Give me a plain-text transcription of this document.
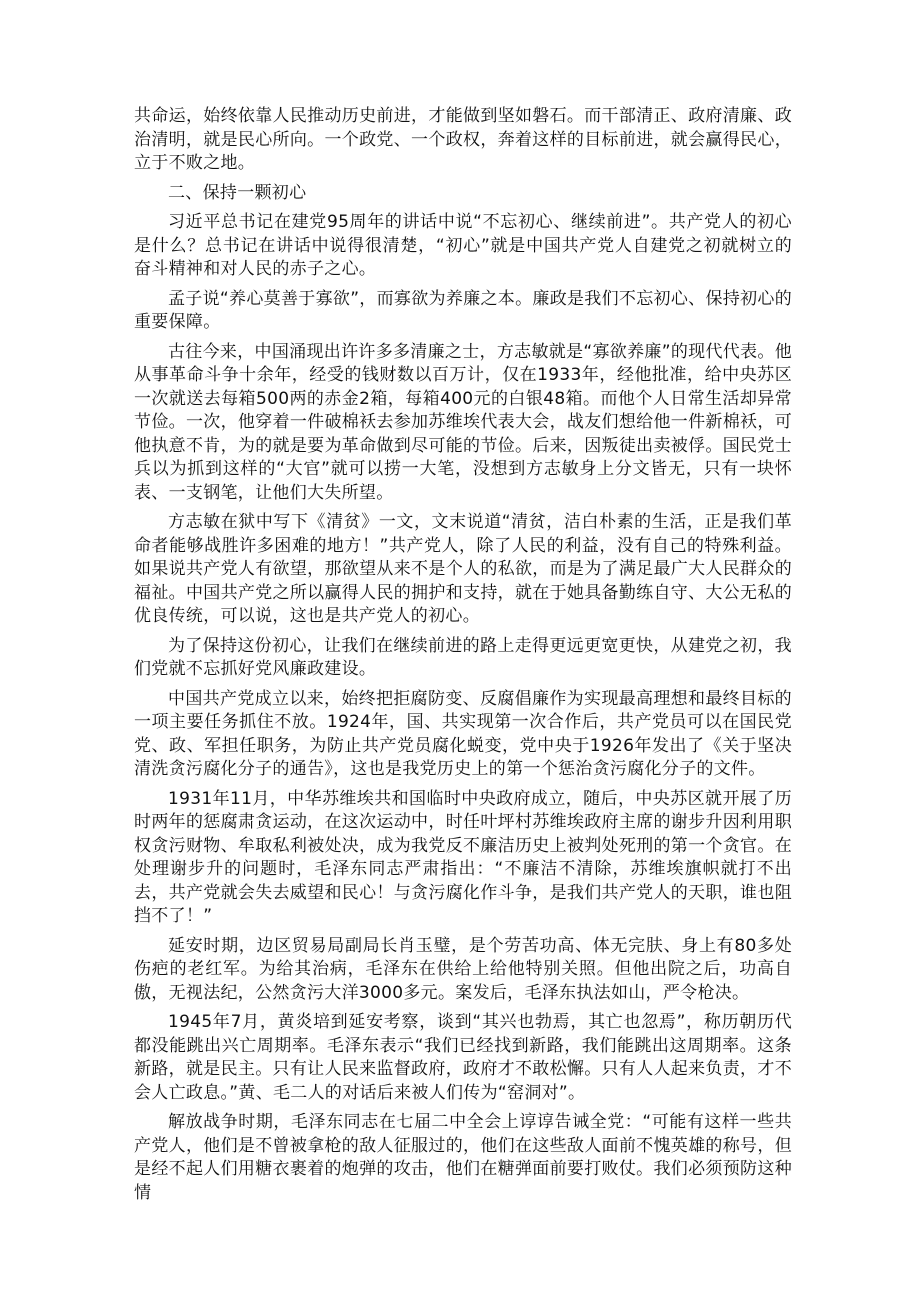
共命运，始终依靠人民推动历史前进，才能做到坚如磐石。而干部清正、政府清廉、政治清明，就是民心所向。一个政党、一个政权，奔着这样的目标前进，就会赢得民心，立于不败之地。

二、保持一颗初心

习近平总书记在建党95周年的讲话中说“不忘初心、继续前进”。共产党人的初心是什么？总书记在讲话中说得很清楚，“初心”就是中国共产党人自建党之初就树立的奋斗精神和对人民的赤子之心。

孟子说“养心莫善于寡欲”，而寡欲为养廉之本。廉政是我们不忘初心、保持初心的重要保障。

古往今来，中国涌现出许许多多清廉之士，方志敏就是“寡欲养廉”的现代代表。他从事革命斗争十余年，经受的钱财数以百万计，仅在1933年，经他批准，给中央苏区一次就送去每箱500两的赤金2箱，每箱400元的白银48箱。而他个人日常生活却异常节俭。一次，他穿着一件破棉袄去参加苏维埃代表大会，战友们想给他一件新棉袄，可他执意不肯，为的就是要为革命做到尽可能的节俭。后来，因叛徒出卖被俘。国民党士兵以为抓到这样的“大官”就可以捞一大笔，没想到方志敏身上分文皆无，只有一块怀表、一支钢笔，让他们大失所望。

方志敏在狱中写下《清贫》一文，文末说道“清贫，洁白朴素的生活，正是我们革命者能够战胜许多困难的地方！”共产党人，除了人民的利益，没有自己的特殊利益。如果说共产党人有欲望，那欲望从来不是个人的私欲，而是为了满足最广大人民群众的福祉。中国共产党之所以赢得人民的拥护和支持，就在于她具备勤练自守、大公无私的优良传统，可以说，这也是共产党人的初心。

为了保持这份初心，让我们在继续前进的路上走得更远更宽更快，从建党之初，我们党就不忘抓好党风廉政建设。

中国共产党成立以来，始终把拒腐防变、反腐倡廉作为实现最高理想和最终目标的一项主要任务抓住不放。1924年，国、共实现第一次合作后，共产党员可以在国民党党、政、军担任职务，为防止共产党员腐化蜕变，党中央于1926年发出了《关于坚决清洗贪污腐化分子的通告》，这也是我党历史上的第一个惩治贪污腐化分子的文件。

1931年11月，中华苏维埃共和国临时中央政府成立，随后，中央苏区就开展了历时两年的惩腐肃贪运动，在这次运动中，时任叶坪村苏维埃政府主席的谢步升因利用职权贪污财物、牟取私利被处决，成为我党反不廉洁历史上被判处死刑的第一个贪官。在处理谢步升的问题时，毛泽东同志严肃指出：“不廉洁不清除，苏维埃旗帜就打不出去，共产党就会失去威望和民心！与贪污腐化作斗争，是我们共产党人的天职，谁也阻挡不了！”

延安时期，边区贸易局副局长肖玉璧，是个劳苦功高、体无完肤、身上有80多处伤疤的老红军。为给其治病，毛泽东在供给上给他特别关照。但他出院之后，功高自傲，无视法纪，公然贪污大洋3000多元。案发后，毛泽东执法如山，严令枪决。

1945年7月，黄炎培到延安考察，谈到“其兴也勃焉，其亡也忽焉”，称历朝历代都没能跳出兴亡周期率。毛泽东表示“我们已经找到新路，我们能跳出这周期率。这条新路，就是民主。只有让人民来监督政府，政府才不敢松懈。只有人人起来负责，才不会人亡政息。”黄、毛二人的对话后来被人们传为“窑洞对”。

解放战争时期，毛泽东同志在七届二中全会上谆谆告诫全党：“可能有这样一些共产党人，他们是不曾被拿枪的敌人征服过的，他们在这些敌人面前不愧英雄的称号，但是经不起人们用糖衣裹着的炮弹的攻击，他们在糖弹面前要打败仗。我们必须预防这种情
